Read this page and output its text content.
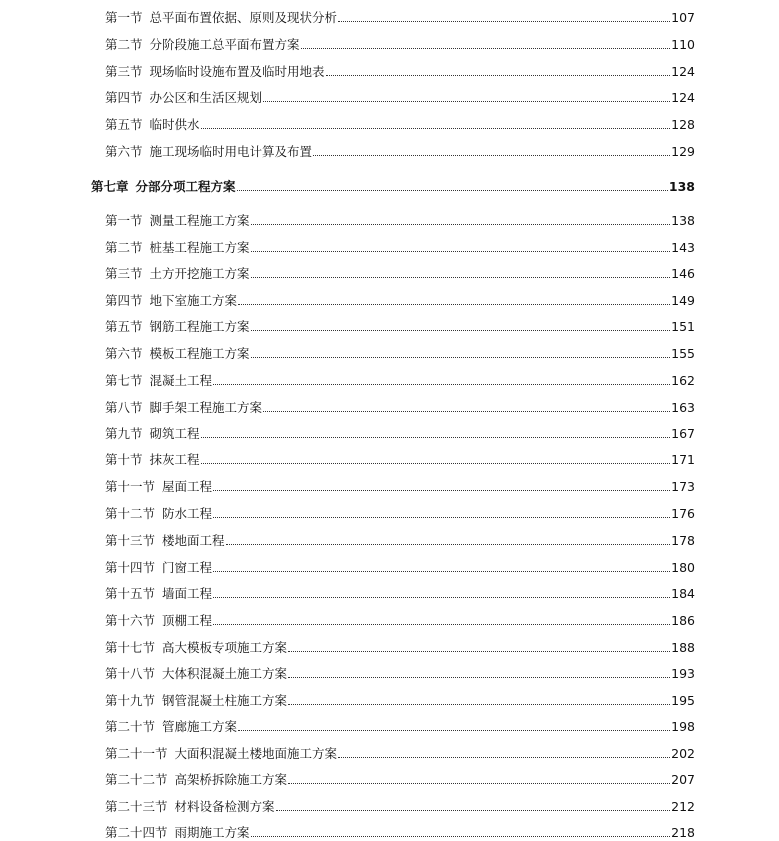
第一节 总平面布置依据、原则及现状分析	107
第二节 分阶段施工总平面布置方案	110
第三节 现场临时设施布置及临时用地表	124
第四节 办公区和生活区规划	124
第五节 临时供水	128
第六节 施工现场临时用电计算及布置	129
第七章 分部分项工程方案	138
第一节 测量工程施工方案	138
第二节 桩基工程施工方案	143
第三节 土方开挖施工方案	146
第四节 地下室施工方案	149
第五节 钢筋工程施工方案	151
第六节 模板工程施工方案	155
第七节 混凝土工程	162
第八节 脚手架工程施工方案	163
第九节 砌筑工程	167
第十节 抹灰工程	171
第十一节 屋面工程	173
第十二节 防水工程	176
第十三节 楼地面工程	178
第十四节 门窗工程	180
第十五节 墙面工程	184
第十六节 顶棚工程	186
第十七节 高大模板专项施工方案	188
第十八节 大体积混凝土施工方案	193
第十九节 钢管混凝土柱施工方案	195
第二十节 管廊施工方案	198
第二十一节 大面积混凝土楼地面施工方案	202
第二十二节 高架桥拆除施工方案	207
第二十三节 材料设备检测方案	212
第二十四节 雨期施工方案	218
